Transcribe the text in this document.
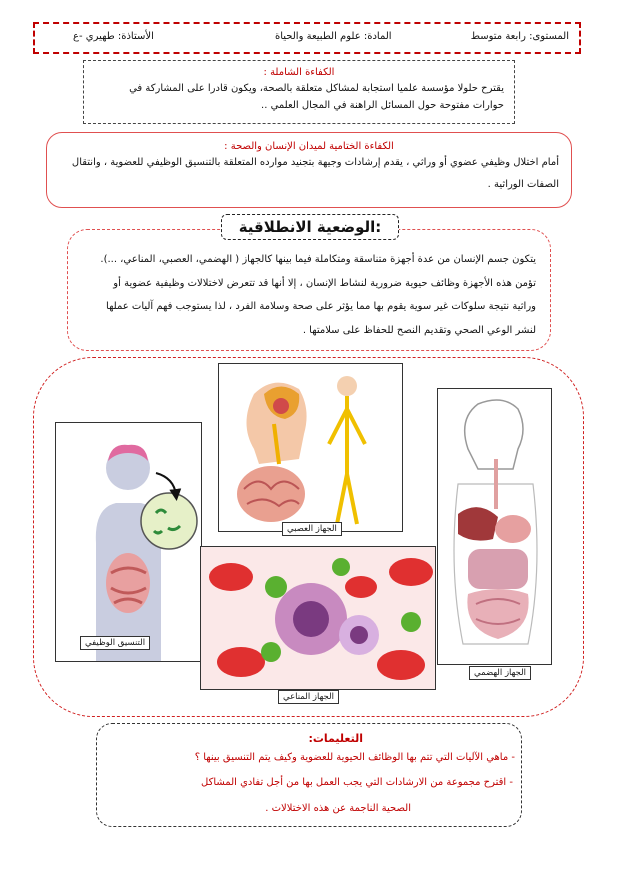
المستوى: رابعة متوسط
المادة: علوم الطبيعة والحياة
الأستاذة: طهيري -ع
الكفاءة الشاملة :
يقترح حلولا مؤسسة علميا استجابة لمشاكل متعلقة بالصحة، ويكون قادرا على المشاركة في حوارات مفتوحة حول المسائل الراهنة في المجال العلمي ..
الكفاءة الختامية لميدان الإنسان والصحة :
أمام اختلال وظيفي عضوي أو وراثي ، يقدم إرشادات وجيهة بتجنيد موارده المتعلقة بالتنسيق الوظيفي للعضوية ، وانتقال الصفات الوراثية .
يتكون جسم الإنسان من عدة أجهزة متناسقة ومتكاملة فيما بينها كالجهاز ( الهضمي، العصبي، المناعي، ...). تؤمن هذه الأجهزة وظائف حيوية ضرورية لنشاط الإنسان ، إلا أنها قد تتعرض لاختلالات وظيفية عضوية أو وراثية نتيجة سلوكات غير سوية يقوم بها مما يؤثر على صحة وسلامة الفرد ، لذا يستوجب فهم آليات عملها لنشر الوعي الصحي وتقديم النصح للحفاظ على سلامتها .
الوضعية الانطلاقية:
التنسيق الوظيفي
الجهاز العصبي
الجهاز المناعي
الجهاز الهضمي
التعليمات:
- ماهي الآليات التي تتم بها الوظائف الحيوية للعضوية وكيف يتم التنسيق بينها ؟
- اقترح مجموعة من الارشادات التي يجب العمل بها من أجل تفادي المشاكل
الصحية الناجمة عن هذه الاختلالات .
